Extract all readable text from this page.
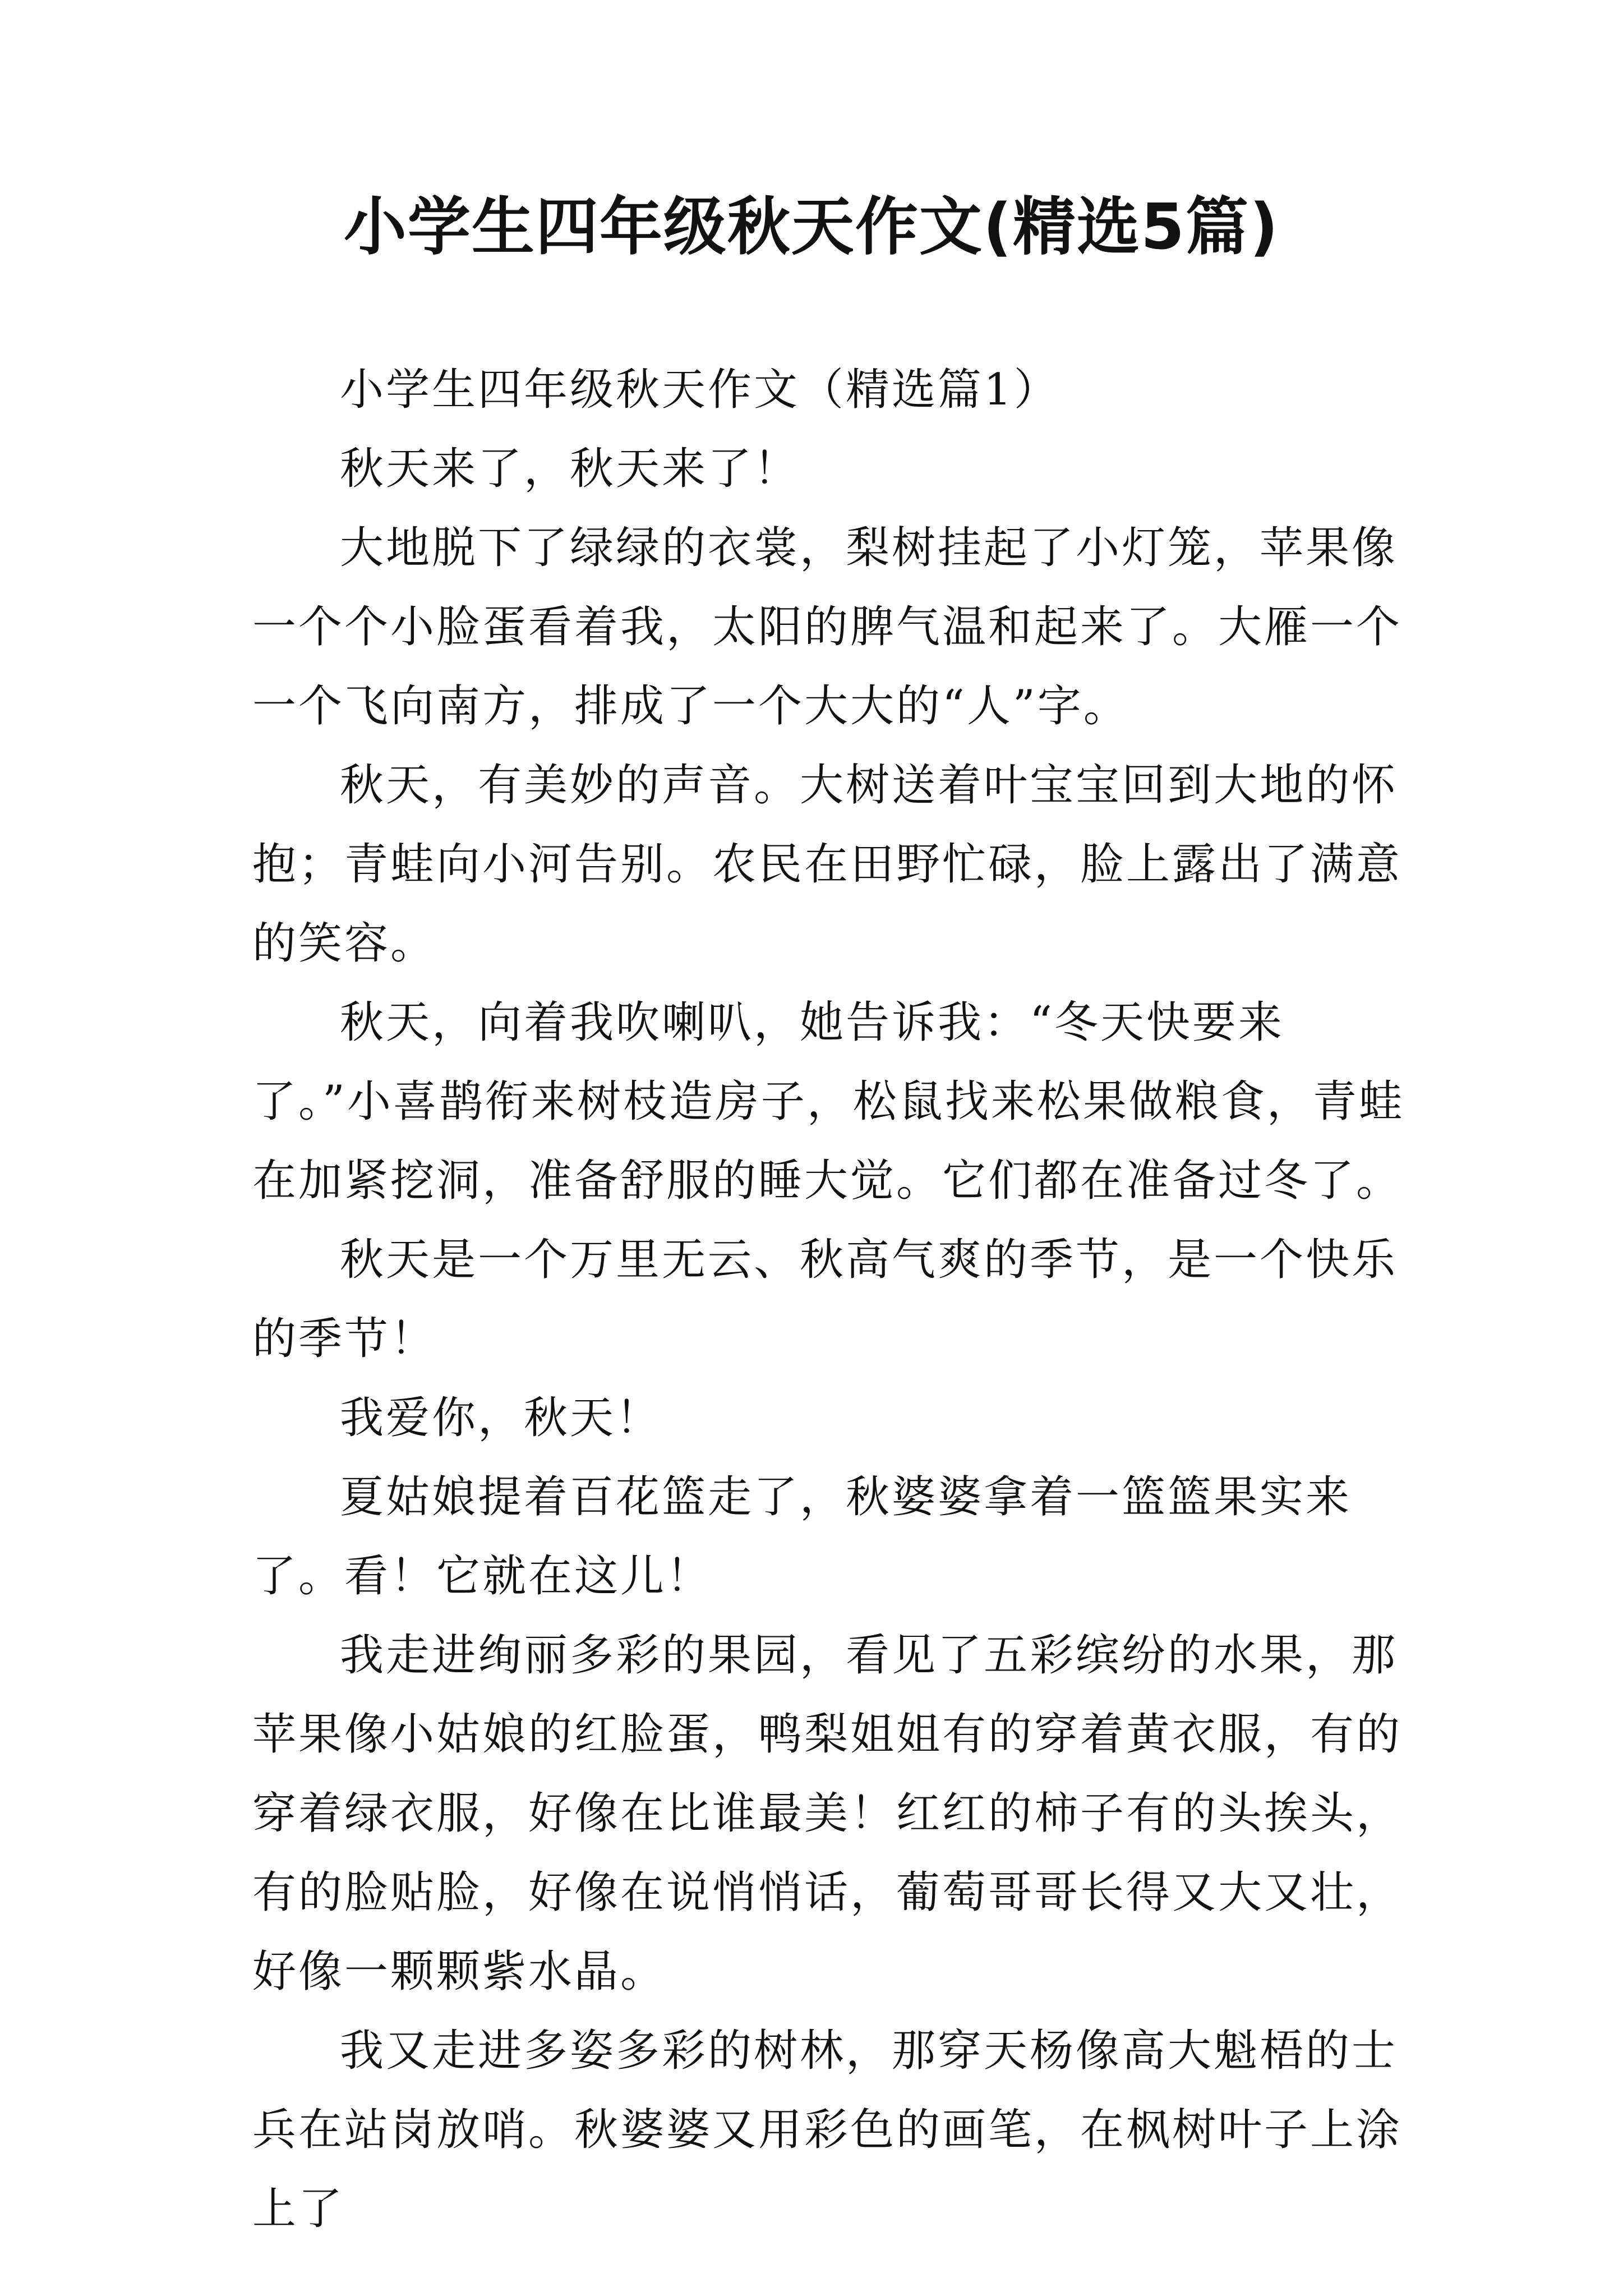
小学生四年级秋天作文(精选5篇)

小学生四年级秋天作文（精选篇1）

秋天来了，秋天来了！

大地脱下了绿绿的衣裳，梨树挂起了小灯笼，苹果像一个个小脸蛋看着我，太阳的脾气温和起来了。大雁一个一个飞向南方，排成了一个大大的“人”字。

秋天，有美妙的声音。大树送着叶宝宝回到大地的怀抱；青蛙向小河告别。农民在田野忙碌，脸上露出了满意的笑容。

秋天，向着我吹喇叭，她告诉我：“冬天快要来了。”小喜鹊衔来树枝造房子，松鼠找来松果做粮食，青蛙在加紧挖洞，准备舒服的睡大觉。它们都在准备过冬了。

秋天是一个万里无云、秋高气爽的季节，是一个快乐的季节！

我爱你，秋天！

夏姑娘提着百花篮走了，秋婆婆拿着一篮篮果实来了。看！它就在这儿！

我走进绚丽多彩的果园，看见了五彩缤纷的水果，那苹果像小姑娘的红脸蛋，鸭梨姐姐有的穿着黄衣服，有的穿着绿衣服，好像在比谁最美！红红的柿子有的头挨头，有的脸贴脸，好像在说悄悄话，葡萄哥哥长得又大又壮，好像一颗颗紫水晶。

我又走进多姿多彩的树林，那穿天杨像高大魁梧的士兵在站岗放哨。秋婆婆又用彩色的画笔，在枫树叶子上涂上了
